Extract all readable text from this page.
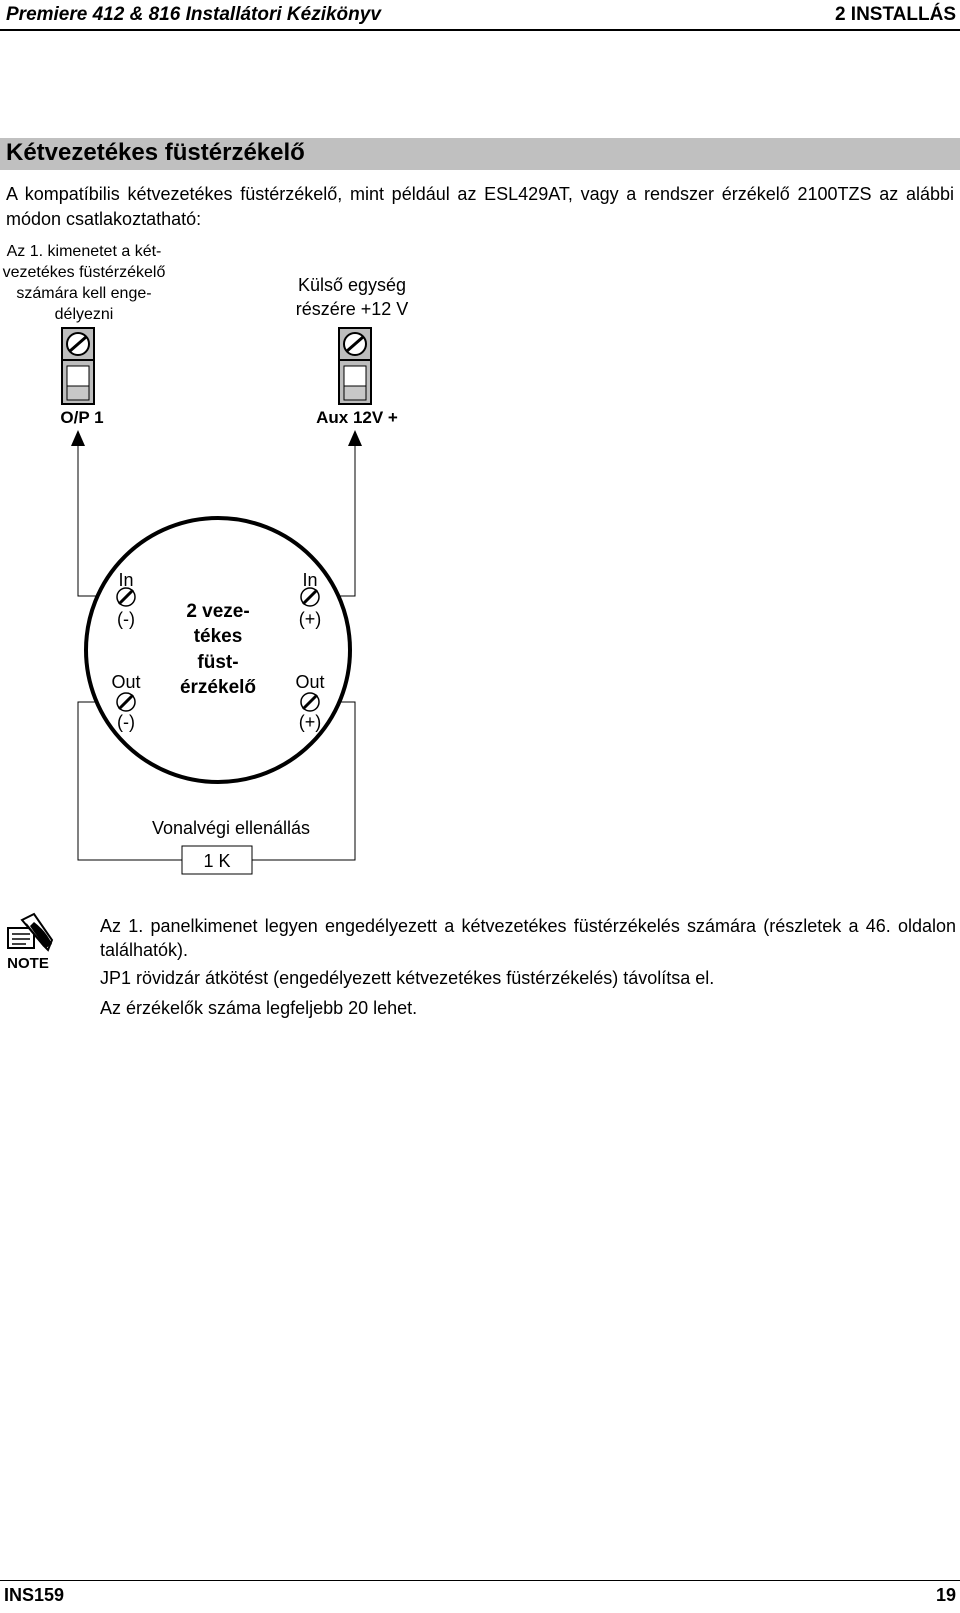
Premiere 412 & 816 Installátori Kézikönyv	2 INSTALLÁS
Kétvezetékes füstérzékelő
A kompatíbilis kétvezetékes füstérzékelő, mint például az ESL429AT, vagy a rendszer érzékelő 2100TZS az alábbi módon csatlakoztatható:
Az 1. kimenetet a két-
vezetékes füstérzékelő
számára kell enge-
délyezni
Külső egység
részére +12 V
O/P 1	Aux 12V +
In
(-)
Out
(-)
In
(+)
Out
(+)
2 veze-
tékes
füst-
érzékelő
Vonalvégi ellenállás
1 K
NOTE
Az 1. panelkimenet legyen engedélyezett a kétvezetékes füstérzékelés számára (részletek a 46. oldalon találhatók).
JP1 rövidzár átkötést (engedélyezett kétvezetékes füstérzékelés) távolítsa el.
Az érzékelők száma legfeljebb 20 lehet.
INS159	19
